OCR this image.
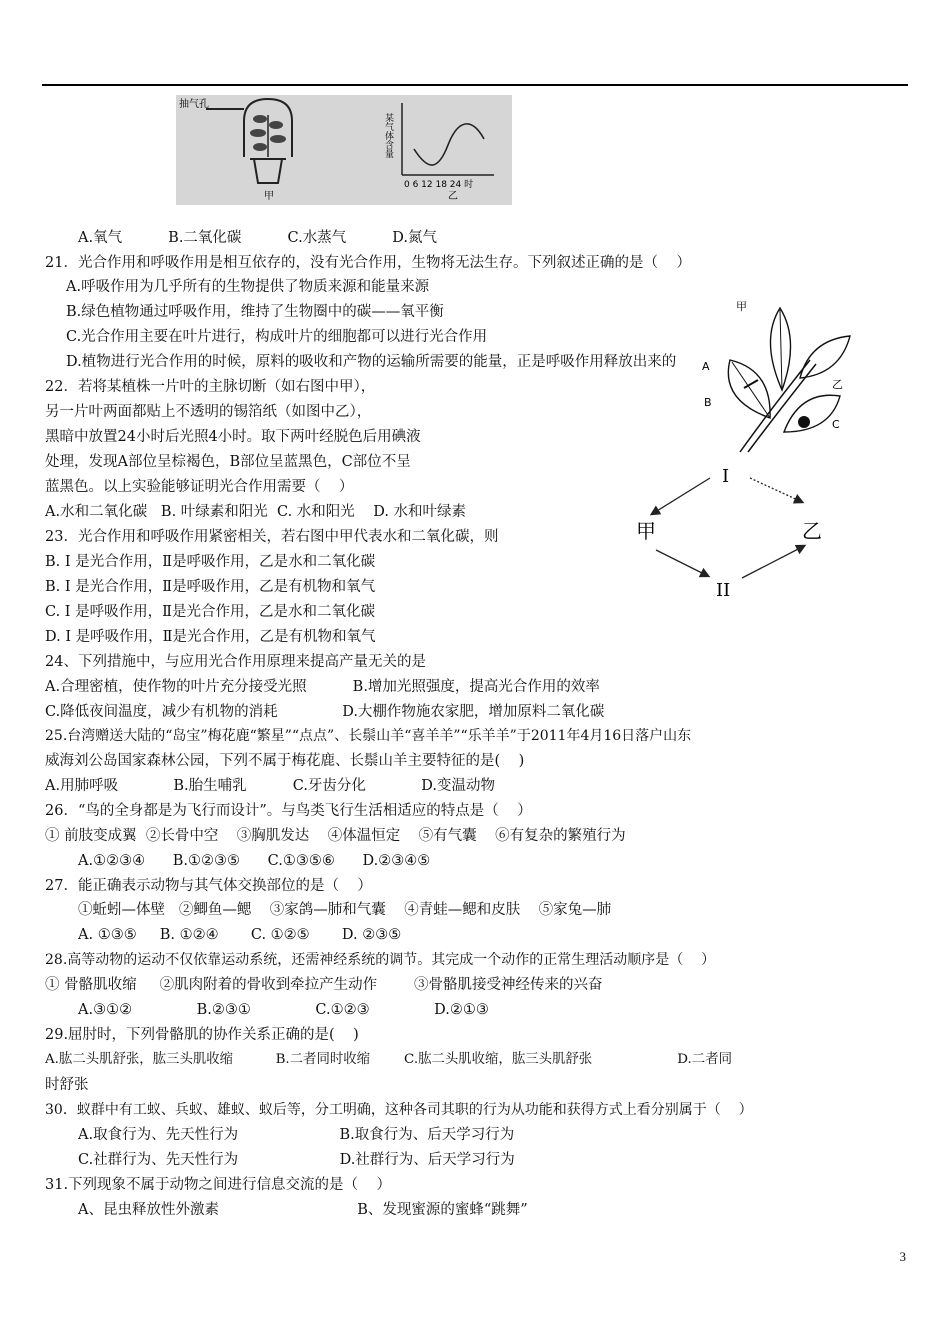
抽气孔
甲	乙
0 6 12 18 24 时
某气体含量
甲
A
B
乙
C
I
II
甲	乙
A.氧气          B.二氧化碳          C.水蒸气          D.氮气
21．光合作用和呼吸作用是相互依存的，没有光合作用，生物将无法生存。下列叙述正确的是（    ）
A.呼吸作用为几乎所有的生物提供了物质来源和能量来源
B.绿色植物通过呼吸作用，维持了生物圈中的碳——氧平衡
C.光合作用主要在叶片进行，构成叶片的细胞都可以进行光合作用
D.植物进行光合作用的时候，原料的吸收和产物的运输所需要的能量，正是呼吸作用释放出来的
22．若将某植株一片叶的主脉切断（如右图中甲），
另一片叶两面都贴上不透明的锡箔纸（如图中乙），
黑暗中放置24小时后光照4小时。取下两叶经脱色后用碘液
处理，发现A部位呈棕褐色，B部位呈蓝黑色，C部位不呈
蓝黑色。以上实验能够证明光合作用需要（    ）
A.水和二氧化碳   B. 叶绿素和阳光  C. 水和阳光    D. 水和叶绿素
23．光合作用和呼吸作用紧密相关，若右图中甲代表水和二氧化碳，则
B. Ⅰ 是光合作用，Ⅱ是呼吸作用，乙是水和二氧化碳
B. Ⅰ 是光合作用，Ⅱ是呼吸作用，乙是有机物和氧气
C. Ⅰ 是呼吸作用，Ⅱ是光合作用，乙是水和二氧化碳
D. Ⅰ 是呼吸作用，Ⅱ是光合作用，乙是有机物和氧气
24、下列措施中，与应用光合作用原理来提高产量无关的是
A.合理密植，使作物的叶片充分接受光照          B.增加光照强度，提高光合作用的效率
C.降低夜间温度，减少有机物的消耗              D.大棚作物施农家肥，增加原料二氧化碳
25.台湾赠送大陆的“岛宝”梅花鹿“繁星”“点点”、长鬃山羊“喜羊羊”“乐羊羊”于2011年4月16日落户山东
威海刘公岛国家森林公园，下列不属于梅花鹿、长鬃山羊主要特征的是(    )
A.用肺呼吸            B.胎生哺乳          C.牙齿分化            D.变温动物
26．“鸟的全身都是为飞行而设计”。与鸟类飞行生活相适应的特点是（    ）
① 前肢变成翼  ②长骨中空    ③胸肌发达    ④体温恒定    ⑤有气囊    ⑥有复杂的繁殖行为
A.①②③④      B.①②③⑤      C.①③⑤⑥      D.②③④⑤
27．能正确表示动物与其气体交换部位的是（    ）
①蚯蚓—体壁   ②鲫鱼—鳃    ③家鸽—肺和气囊    ④青蛙—鳃和皮肤    ⑤家兔—肺
A. ①③⑤     B. ①②④       C. ①②⑤       D. ②③⑤
28.高等动物的运动不仅依靠运动系统，还需神经系统的调节。其完成一个动作的正常生理活动顺序是（    ）
① 骨骼肌收缩     ②肌肉附着的骨收到牵拉产生动作        ③骨骼肌接受神经传来的兴奋
A.③①②              B.②③①              C.①②③              D.②①③
29.屈肘时，下列骨骼肌的协作关系正确的是(    )
A.肱二头肌舒张，肱三头肌收缩          B.二者同时收缩        C.肱二头肌收缩，肱三头肌舒张                    D.二者同
时舒张
30．蚁群中有工蚁、兵蚁、雄蚁、蚁后等，分工明确，这种各司其职的行为从功能和获得方式上看分别属于（    ）
A.取食行为、先天性行为                      B.取食行为、后天学习行为
C.社群行为、先天性行为                      D.社群行为、后天学习行为
31.下列现象不属于动物之间进行信息交流的是（    ）
A、昆虫释放性外激素                              B、发现蜜源的蜜蜂“跳舞”
3
